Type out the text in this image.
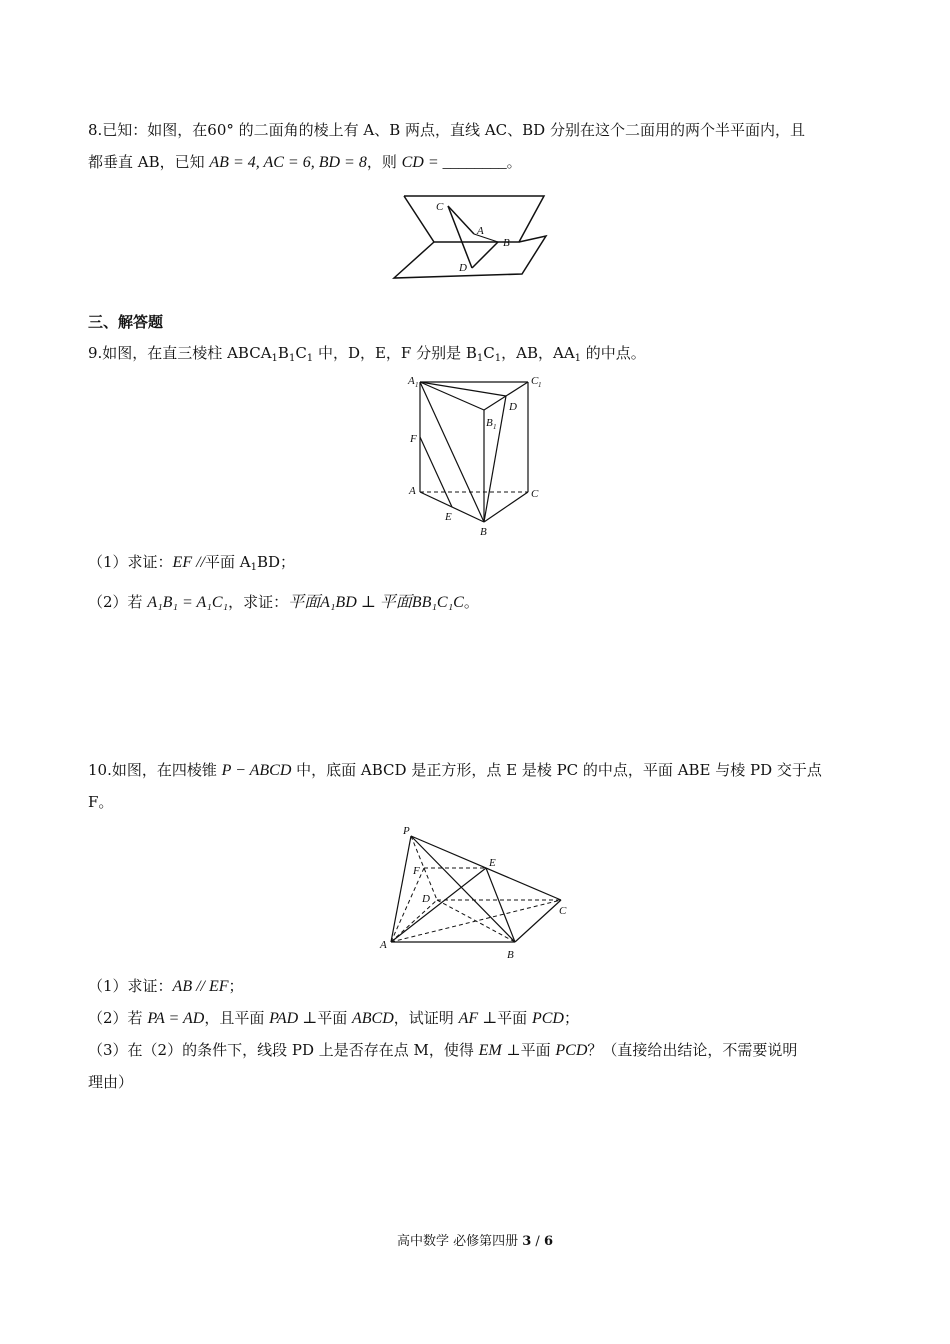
8.已知：如图，在60° 的二面角的棱上有 A、B 两点，直线 AC、BD 分别在这个二面用的两个半平面内，且
都垂直 AB，已知 AB = 4, AC = 6, BD = 8，则 CD = ________。
C
A
B
D
三、解答题
9.如图，在直三棱柱 $ABCA_1B_1C_1$ 中，D，E，F 分别是 $B_1C_1$，AB，$AA_1$ 的中点。
A 1	C 1
D
B 1
F
A	C
E
B
（1）求证：EF //平面 $A_1BD$；
（2）若 A₁B₁ = A₁C₁，求证：平面A₁BD ⊥ 平面BB₁C₁C。
10.如图，在四棱锥 P − ABCD 中，底面 ABCD 是正方形，点 E 是棱 PC 的中点，平面 ABE 与棱 PD 交于点
F。
P
E
F
D
C
A
B
（1）求证：AB // EF；
（2）若 PA = AD，且平面 PAD ⊥平面 ABCD，试证明 AF ⊥平面 PCD；
（3）在（2）的条件下，线段 PD 上是否存在点 M，使得 EM ⊥平面 PCD？（直接给出结论，不需要说明
理由）
高中数学 必修第四册 3 / 6
